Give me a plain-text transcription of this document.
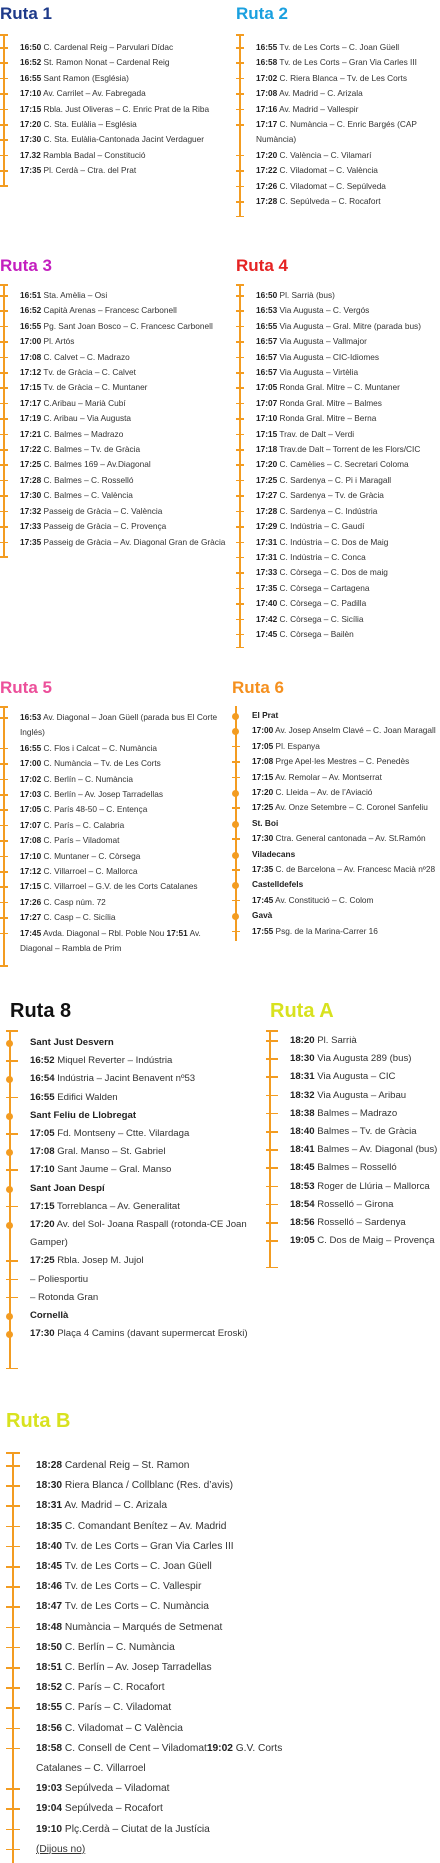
Ruta 1
16:50 C. Cardenal Reig – Parvulari Dídac
16:52 St. Ramon Nonat – Cardenal Reig
16:55 Sant Ramon (Església)
17:10 Av. Carrilet – Av. Fabregada
17:15 Rbla. Just Oliveras – C. Enric Prat de la Riba
17:20 C. Sta. Eulàlia – Església
17:30 C. Sta. Eulàlia-Cantonada Jacint Verdaguer
17.32 Rambla Badal – Constitució
17:35 Pl. Cerdà – Ctra. del Prat
Ruta 2
16:55 Tv. de Les Corts – C. Joan Güell
16:58 Tv. de Les Corts – Gran Via Carles III
17:02 C. Riera Blanca – Tv. de Les Corts
17:08 Av. Madrid – C. Arizala
17:16 Av. Madrid – Vallespir
17:17 C. Numància – C. Enric Bargés (CAP Numància)
17:20 C. València – C. Vilamarí
17:22 C. Viladomat – C. València
17:26 C. Viladomat – C. Sepúlveda
17:28 C. Sepúlveda – C. Rocafort
Ruta 3
16:51 Sta. Amèlia – Osi
16:52 Capità Arenas – Francesc Carbonell
16:55 Pg. Sant Joan Bosco – C. Francesc Carbonell
17:00 Pl. Artós
17:08 C. Calvet – C. Madrazo
17:12 Tv. de Gràcia – C. Calvet
17:15 Tv. de Gràcia – C. Muntaner
17:17 C.Aribau – Marià Cubí
17:19 C. Aribau – Via Augusta
17:21 C. Balmes – Madrazo
17:22 C. Balmes – Tv. de Gràcia
17:25 C. Balmes 169 – Av.Diagonal
17:28 C. Balmes – C. Rosselló
17:30 C. Balmes – C. València
17:32 Passeig de Gràcia – C. València
17:33 Passeig de Gràcia – C. Provença
17:35 Passeig de Gràcia – Av. Diagonal Gran de Gràcia
Ruta 4
16:50 Pl. Sarrià (bus)
16:53 Via Augusta – C. Vergós
16:55 Via Augusta – Gral. Mitre (parada bus)
16:57 Via Augusta – Vallmajor
16:57 Via Augusta – CIC-Idiomes
16:57 Via Augusta – Virtèlia
17:05 Ronda Gral. Mitre – C. Muntaner
17:07 Ronda Gral. Mitre – Balmes
17:10 Ronda Gral. Mitre – Berna
17:15 Trav. de Dalt – Verdi
17:18 Trav.de Dalt – Torrent de les Flors/CIC
17:20 C. Camèlies – C. Secretari Coloma
17:25 C. Sardenya – C. Pi i Maragall
17:27 C. Sardenya – Tv. de Gràcia
17:28 C. Sardenya – C. Indústria
17:29 C. Indústria – C. Gaudí
17:31 C. Indústria – C. Dos de Maig
17:31 C. Indústria – C. Conca
17:33 C. Còrsega – C. Dos de maig
17:35 C. Còrsega – Cartagena
17:40 C. Còrsega – C. Padilla
17:42 C. Còrsega – C. Sicília
17:45 C. Còrsega – Bailèn
Ruta 5
16:53 Av. Diagonal – Joan Güell (parada bus El Corte Inglés)
16:55 C. Flos i Calcat – C. Numància
17:00 C. Numància – Tv. de Les Corts
17:02 C. Berlín – C. Numància
17:03 C. Berlín – Av. Josep Tarradellas
17:05 C. París 48-50 – C. Entença
17:07 C. París – C. Calabria
17:08 C. París – Viladomat
17:10 C. Muntaner – C. Còrsega
17:12 C. Villarroel – C. Mallorca
17:15 C. Villarroel – G.V. de les Corts Catalanes
17:26 C. Casp núm. 72
17:27 C. Casp – C. Sicília
17:45 Avda. Diagonal – Rbl. Poble Nou 17:51 Av. Diagonal – Rambla de Prim
Ruta 6
El Prat
17:00 Av. Josep Anselm Clavé – C. Joan Maragall
17:05 Pl. Espanya
17:08 Prge Apel·les Mestres – C. Penedès
17:15 Av. Remolar – Av. Montserrat
17:20 C. Lleida – Av. de l’Aviació
17:25 Av. Onze Setembre – C. Coronel Sanfeliu
St. Boi
17:30 Ctra. General cantonada – Av. St.Ramón
Viladecans
17:35 C. de Barcelona – Av. Francesc Macià nº28
Castelldefels
17:45 Av. Constitució – C. Colom
Gavà
17:55 Psg. de la Marina-Carrer 16
Ruta 8
Sant Just Desvern
16:52 Miquel Reverter – Indústria
16:54 Indústria – Jacint Benavent nº53
16:55 Edifici Walden
Sant Feliu de Llobregat
17:05 Fd. Montseny – Ctte. Vilardaga
17:08 Gral. Manso – St. Gabriel
17:10 Sant Jaume – Gral. Manso
Sant Joan Despí
17:15 Torreblanca – Av. Generalitat
17:20 Av. del Sol- Joana Raspall (rotonda-CE Joan Gamper)
17:25 Rbla. Josep M. Jujol
– Poliesportiu
– Rotonda Gran
Cornellà
17:30 Plaça 4 Camins (davant supermercat Eroski)
Ruta A
18:20 Pl. Sarrià
18:30 Via Augusta 289 (bus)
18:31 Via Augusta – CIC
18:32 Via Augusta – Aribau
18:38 Balmes – Madrazo
18:40 Balmes – Tv. de Gràcia
18:41 Balmes – Av. Diagonal (bus)
18:45 Balmes – Rosselló
18:53 Roger de Llúria – Mallorca
18:54 Rosselló – Girona
18:56 Rosselló – Sardenya
19:05 C. Dos de Maig – Provença
Ruta B
18:28 Cardenal Reig – St. Ramon
18:30 Riera Blanca / Collblanc (Res. d’avis)
18:31 Av. Madrid – C. Arizala
18:35 C. Comandant Benítez – Av. Madrid
18:40 Tv. de Les Corts – Gran Via Carles III
18:45 Tv. de Les Corts – C. Joan Güell
18:46 Tv. de Les Corts – C. Vallespir
18:47 Tv. de Les Corts – C. Numància
18:48 Numància – Marqués de Setmenat
18:50 C. Berlín – C. Numància
18:51 C. Berlín – Av. Josep Tarradellas
18:52 C. París – C. Rocafort
18:55 C. París – C. Viladomat
18:56 C. Viladomat – C València
18:58 C. Consell de Cent – Viladomat19:02 G.V. Corts Catalanes – C. Villarroel
19:03 Sepúlveda – Viladomat
19:04 Sepúlveda – Rocafort
19:10 Plç.Cerdà – Ciutat de la Justícia
(Dijous no)
